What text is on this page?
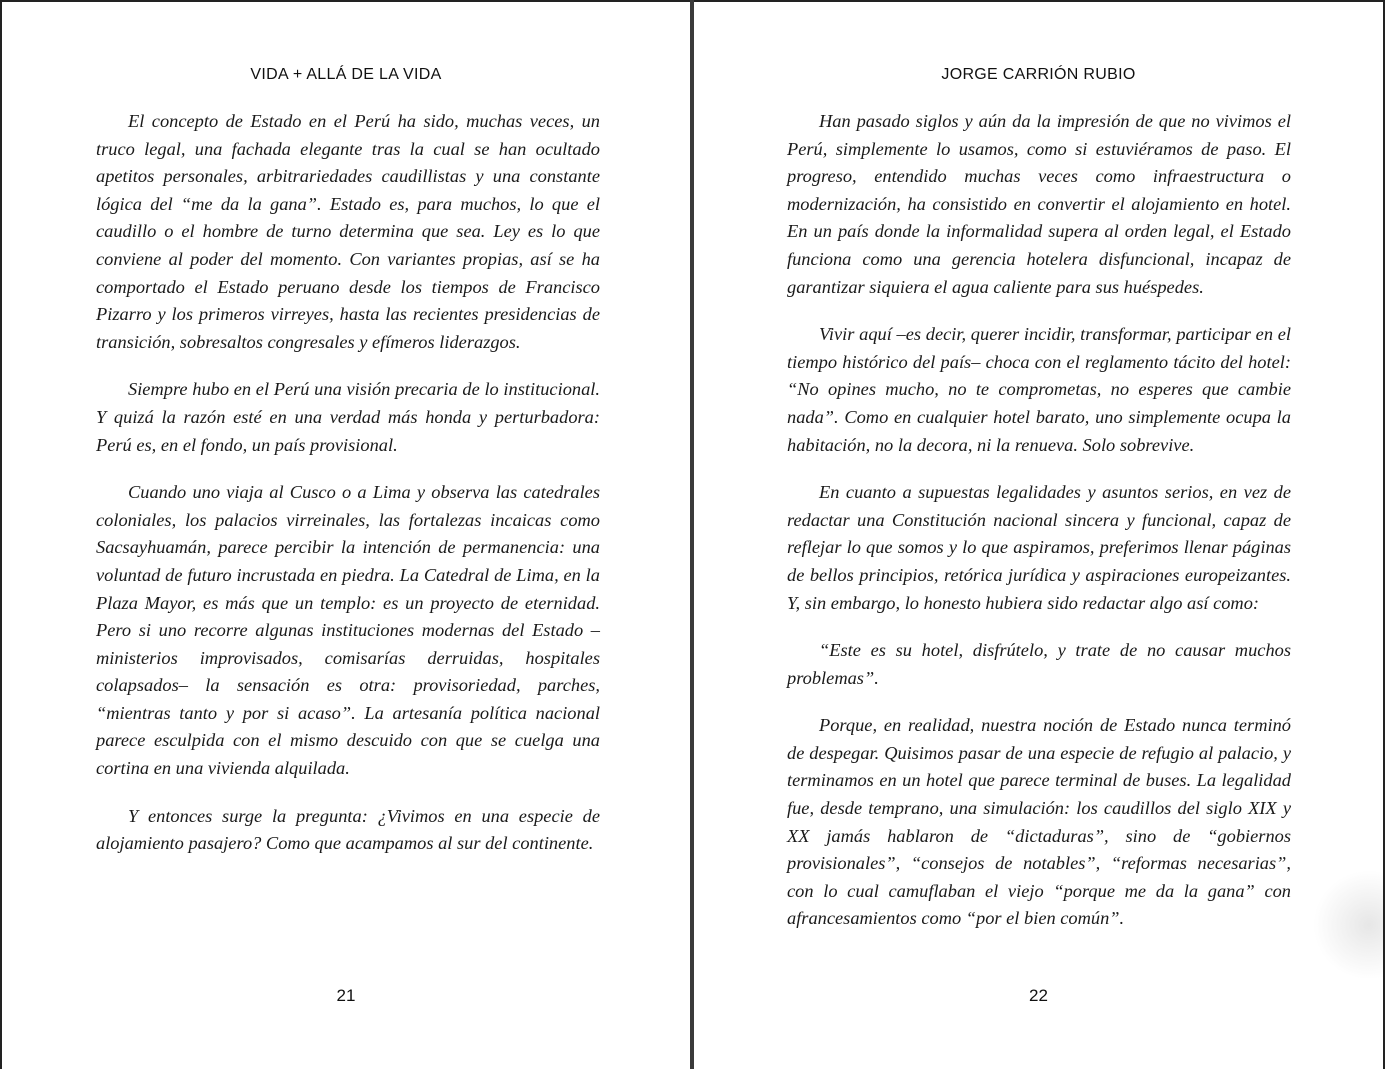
VIDA + ALLÁ DE LA VIDA

El concepto de Estado en el Perú ha sido, muchas veces, un truco legal, una fachada elegante tras la cual se han ocultado apetitos personales, arbitrariedades caudillistas y una constante lógica del “me da la gana”. Estado es, para muchos, lo que el caudillo o el hombre de turno determina que sea. Ley es lo que conviene al poder del momento. Con variantes propias, así se ha comportado el Estado peruano desde los tiempos de Francisco Pizarro y los primeros virreyes, hasta las recientes presidencias de transición, sobresaltos congresales y efímeros liderazgos.

Siempre hubo en el Perú una visión precaria de lo institucional. Y quizá la razón esté en una verdad más honda y perturbadora: Perú es, en el fondo, un país provisional.

Cuando uno viaja al Cusco o a Lima y observa las catedrales coloniales, los palacios virreinales, las fortalezas incaicas como Sacsayhuamán, parece percibir la intención de permanencia: una voluntad de futuro incrustada en piedra. La Catedral de Lima, en la Plaza Mayor, es más que un templo: es un proyecto de eternidad. Pero si uno recorre algunas instituciones modernas del Estado –ministerios improvisados, comisarías derruidas, hospitales colapsados– la sensación es otra: provisoriedad, parches, “mientras tanto y por si acaso”. La artesanía política nacional parece esculpida con el mismo descuido con que se cuelga una cortina en una vivienda alquilada.

Y entonces surge la pregunta: ¿Vivimos en una especie de alojamiento pasajero? Como que acampamos al sur del continente.

21
JORGE CARRIÓN RUBIO

Han pasado siglos y aún da la impresión de que no vivimos el Perú, simplemente lo usamos, como si estuviéramos de paso. El progreso, entendido muchas veces como infraestructura o modernización, ha consistido en convertir el alojamiento en hotel. En un país donde la informalidad supera al orden legal, el Estado funciona como una gerencia hotelera disfuncional, incapaz de garantizar siquiera el agua caliente para sus huéspedes.

Vivir aquí –es decir, querer incidir, transformar, participar en el tiempo histórico del país– choca con el reglamento tácito del hotel: “No opines mucho, no te comprometas, no esperes que cambie nada”. Como en cualquier hotel barato, uno simplemente ocupa la habitación, no la decora, ni la renueva. Solo sobrevive.

En cuanto a supuestas legalidades y asuntos serios, en vez de redactar una Constitución nacional sincera y funcional, capaz de reflejar lo que somos y lo que aspiramos, preferimos llenar páginas de bellos principios, retórica jurídica y aspiraciones europeizantes. Y, sin embargo, lo honesto hubiera sido redactar algo así como:

“Este es su hotel, disfrútelo, y trate de no causar muchos problemas”.

Porque, en realidad, nuestra noción de Estado nunca terminó de despegar. Quisimos pasar de una especie de refugio al palacio, y terminamos en un hotel que parece terminal de buses. La legalidad fue, desde temprano, una simulación: los caudillos del siglo XIX y XX jamás hablaron de “dictaduras”, sino de “gobiernos provisionales”, “consejos de notables”, “reformas necesarias”, con lo cual camuflaban el viejo “porque me da la gana” con afrancesamientos como “por el bien común”.

22
